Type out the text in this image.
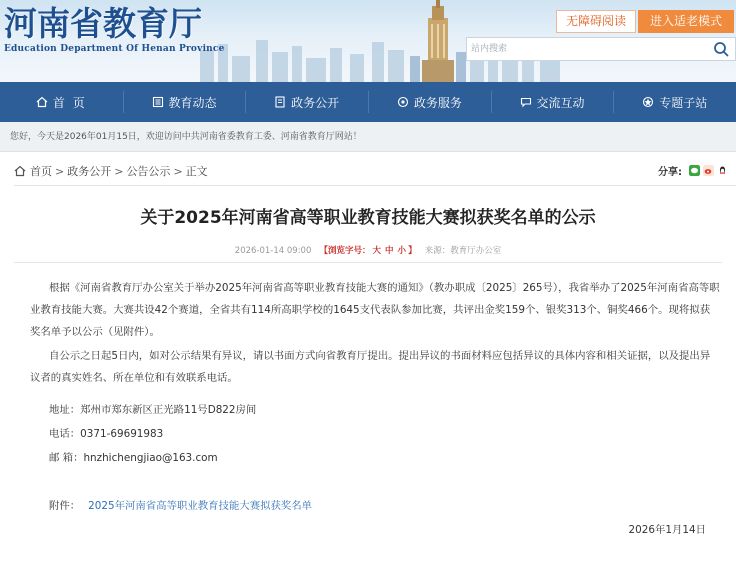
河南省教育厅
Education Department Of Henan Province
无障碍阅读	进入适老模式
站内搜索
首 页	教育动态	政务公开	政务服务	交流互动	专题子站
您好，今天是2026年01月15日，欢迎访问中共河南省委教育工委、河南省教育厅网站！
首页 > 政务公开 > 公告公示 > 正文	分享:
关于2025年河南省高等职业教育技能大赛拟获奖名单的公示
2026-01-14 09:00 【浏览字号： 大 中 小 】 来源：教育厅办公室
根据《河南省教育厅办公室关于举办2025年河南省高等职业教育技能大赛的通知》（教办职成〔2025〕265号），我省举办了2025年河南省高等职业教育技能大赛。大赛共设42个赛道，全省共有114所高职学校的1645支代表队参加比赛，共评出金奖159个、银奖313个、铜奖466个。现将拟获奖名单予以公示（见附件）。
自公示之日起5日内，如对公示结果有异议，请以书面方式向省教育厅提出。提出异议的书面材料应包括异议的具体内容和相关证据，以及提出异议者的真实姓名、所在单位和有效联系电话。
地址：郑州市郑东新区正光路11号D822房间
电话：0371-69691983
邮 箱：hnzhichengjiao@163.com
附件： 2025年河南省高等职业教育技能大赛拟获奖名单
2026年1月14日
